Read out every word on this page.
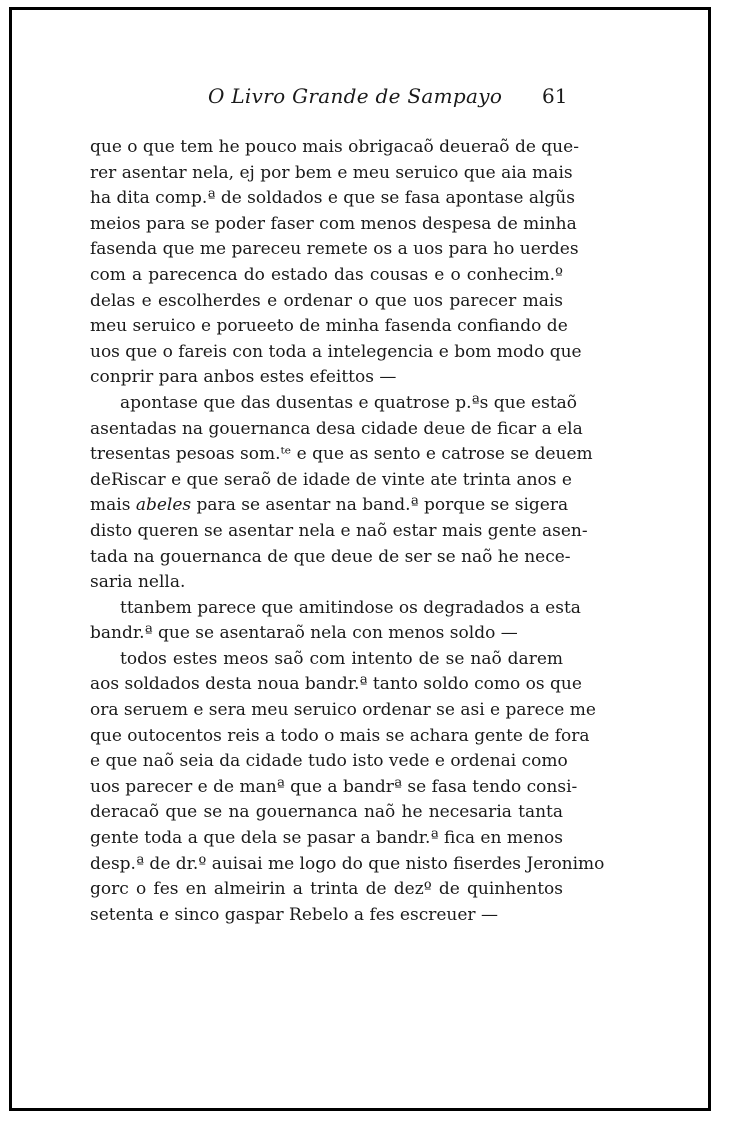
O Livro Grande de Sampayo 61
que o que tem he pouco mais obrigacaõ deueraõ de que-
rer asentar nela, ej por bem e meu seruico que aia mais
ha dita comp.ª de soldados e que se fasa apontase algũs
meios para se poder faser com menos despesa de minha
fasenda que me pareceu remete os a uos para ho uerdes
com a parecenca do estado das cousas e o conhecim.º
delas e escolherdes e ordenar o que uos parecer mais
meu seruico e porueeto de minha fasenda confiando de
uos que o fareis con toda a intelegencia e bom modo que
conprir para anbos estes efeittos —
apontase que das dusentas e quatrose p.ªs que estaõ
asentadas na gouernanca desa cidade deue de ficar a ela
tresentas pesoas som.ᵗᵉ e que as sento e catrose se deuem
deRiscar e que seraõ de idade de vinte ate trinta anos e
mais abeles para se asentar na band.ª porque se sigera
disto queren se asentar nela e naõ estar mais gente asen-
tada na gouernanca de que deue de ser se naõ he nece-
saria nella.
ttanbem parece que amitindose os degradados a esta
bandr.ª que se asentaraõ nela con menos soldo —
todos estes meos saõ com intento de se naõ darem
aos soldados desta noua bandr.ª tanto soldo como os que
ora seruem e sera meu seruico ordenar se asi e parece me
que outocentos reis a todo o mais se achara gente de fora
e que naõ seia da cidade tudo isto vede e ordenai como
uos parecer e de manª que a bandrª se fasa tendo consi-
deracaõ que se na gouernanca naõ he necesaria tanta
gente toda a que dela se pasar a bandr.ª fica en menos
desp.ª de dr.º auisai me logo do que nisto fiserdes Jeronimo
gorc o fes en almeirin a trinta de dezº de quinhentos
setenta e sinco gaspar Rebelo a fes escreuer —
